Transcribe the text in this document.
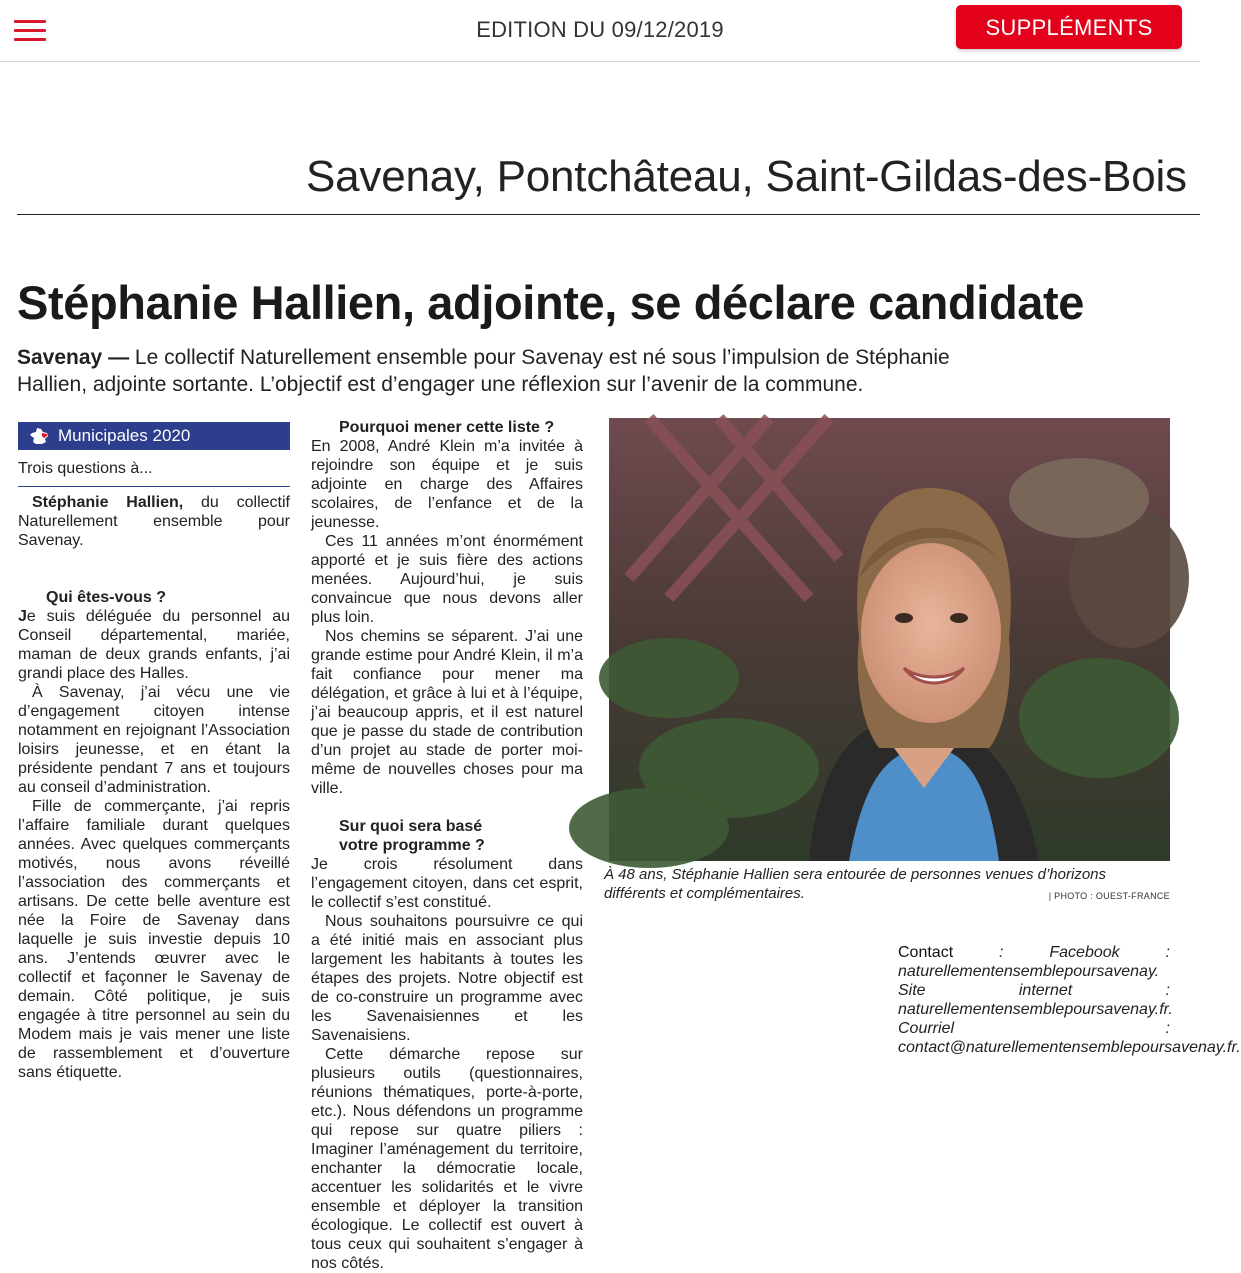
EDITION DU 09/12/2019	SUPPLÉMENTS
Savenay, Pontchâteau, Saint-Gildas-des-Bois
Stéphanie Hallien, adjointe, se déclare candidate
Savenay — Le collectif Naturellement ensemble pour Savenay est né sous l’impulsion de Stéphanie Hallien, adjointe sortante. L’objectif est d’engager une réflexion sur l’avenir de la commune.
Municipales 2020
Trois questions à...

Stéphanie Hallien, du collectif Naturellement ensemble pour Savenay.

Qui êtes-vous ?

Je suis déléguée du personnel au Conseil départemental, mariée, maman de deux grands enfants, j’ai grandi place des Halles.

À Savenay, j’ai vécu une vie d’engagement citoyen intense notamment en rejoignant l’Association loisirs jeunesse, et en étant la présidente pendant 7 ans et toujours au conseil d’administration.

Fille de commerçante, j’ai repris l’affaire familiale durant quelques années. Avec quelques commerçants motivés, nous avons réveillé l’association des commerçants et artisans. De cette belle aventure est née la Foire de Savenay dans laquelle je suis investie depuis 10 ans. J’entends œuvrer avec le collectif et façonner le Savenay de demain. Côté politique, je suis engagée à titre personnel au sein du Modem mais je vais mener une liste de rassemblement et d’ouverture sans étiquette.

Pourquoi mener cette liste ?

En 2008, André Klein m’a invitée à rejoindre son équipe et je suis adjointe en charge des Affaires scolaires, de l’enfance et de la jeunesse.

Ces 11 années m’ont énormément apporté et je suis fière des actions menées. Aujourd’hui, je suis convaincue que nous devons aller plus loin.

Nos chemins se séparent. J’ai une grande estime pour André Klein, il m’a fait confiance pour mener ma délégation, et grâce à lui et à l’équipe, j’ai beaucoup appris, et il est naturel que je passe du stade de contribution d’un projet au stade de porter moi-même de nouvelles choses pour ma ville.

Sur quoi sera basé

votre programme ?

Je crois résolument dans l’engagement citoyen, dans cet esprit, le collectif s’est constitué.

Nous souhaitons poursuivre ce qui a été initié mais en associant plus largement les habitants à toutes les étapes des projets. Notre objectif est de co-construire un programme avec les Savenaisiennes et les Savenaisiens.

Cette démarche repose sur plusieurs outils (questionnaires, réunions thématiques, porte-à-porte, etc.). Nous défendons un programme qui repose sur quatre piliers : Imaginer l’aménagement du territoire, enchanter la démocratie locale, accentuer les solidarités et le vivre ensemble et déployer la transition écologique. Le collectif est ouvert à tous ceux qui souhaitent s’engager à nos côtés.

À 48 ans, Stéphanie Hallien sera entourée de personnes venues d’horizons différents et complémentaires.	| PHOTO : OUEST-FRANCE
Contact : Facebook : naturellementensemblepoursavenay. Site internet : naturellementensemblepoursavenay.fr. Courriel : contact@naturellementensemblepoursavenay.fr.
